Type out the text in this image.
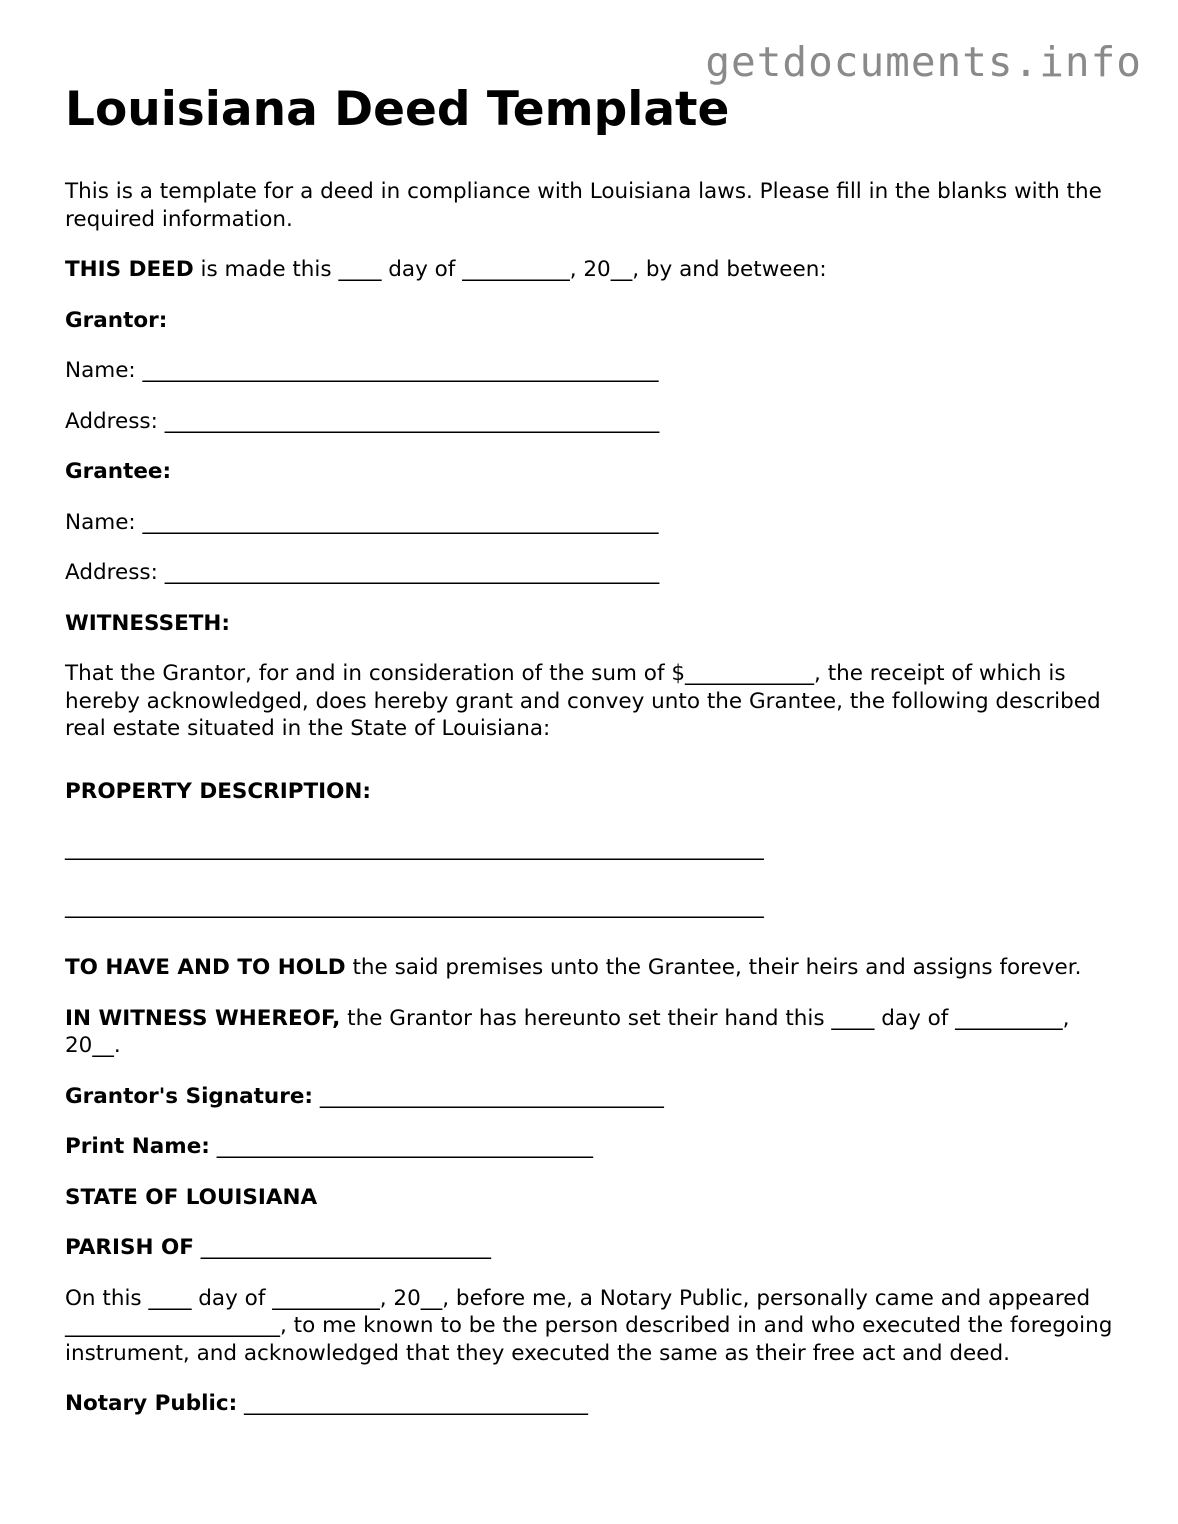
getdocuments.info
Louisiana Deed Template

This is a template for a deed in compliance with Louisiana laws. Please fill in the blanks with the required information.

THIS DEED is made this ____ day of __________, 20__, by and between:

Grantor:

Name: ________________________________________________

Address: ______________________________________________

Grantee:

Name: ________________________________________________

Address: ______________________________________________

WITNESSETH:

That the Grantor, for and in consideration of the sum of $____________, the receipt of which is hereby acknowledged, does hereby grant and convey unto the Grantee, the following described real estate situated in the State of Louisiana:

PROPERTY DESCRIPTION:

_________________________________________________________________

_________________________________________________________________

TO HAVE AND TO HOLD the said premises unto the Grantee, their heirs and assigns forever.

IN WITNESS WHEREOF, the Grantor has hereunto set their hand this ____ day of __________, 20__.

Grantor's Signature: ________________________________

Print Name: ___________________________________

STATE OF LOUISIANA

PARISH OF ___________________________

On this ____ day of __________, 20__, before me, a Notary Public, personally came and appeared ____________________, to me known to be the person described in and who executed the foregoing instrument, and acknowledged that they executed the same as their free act and deed.

Notary Public: ________________________________
